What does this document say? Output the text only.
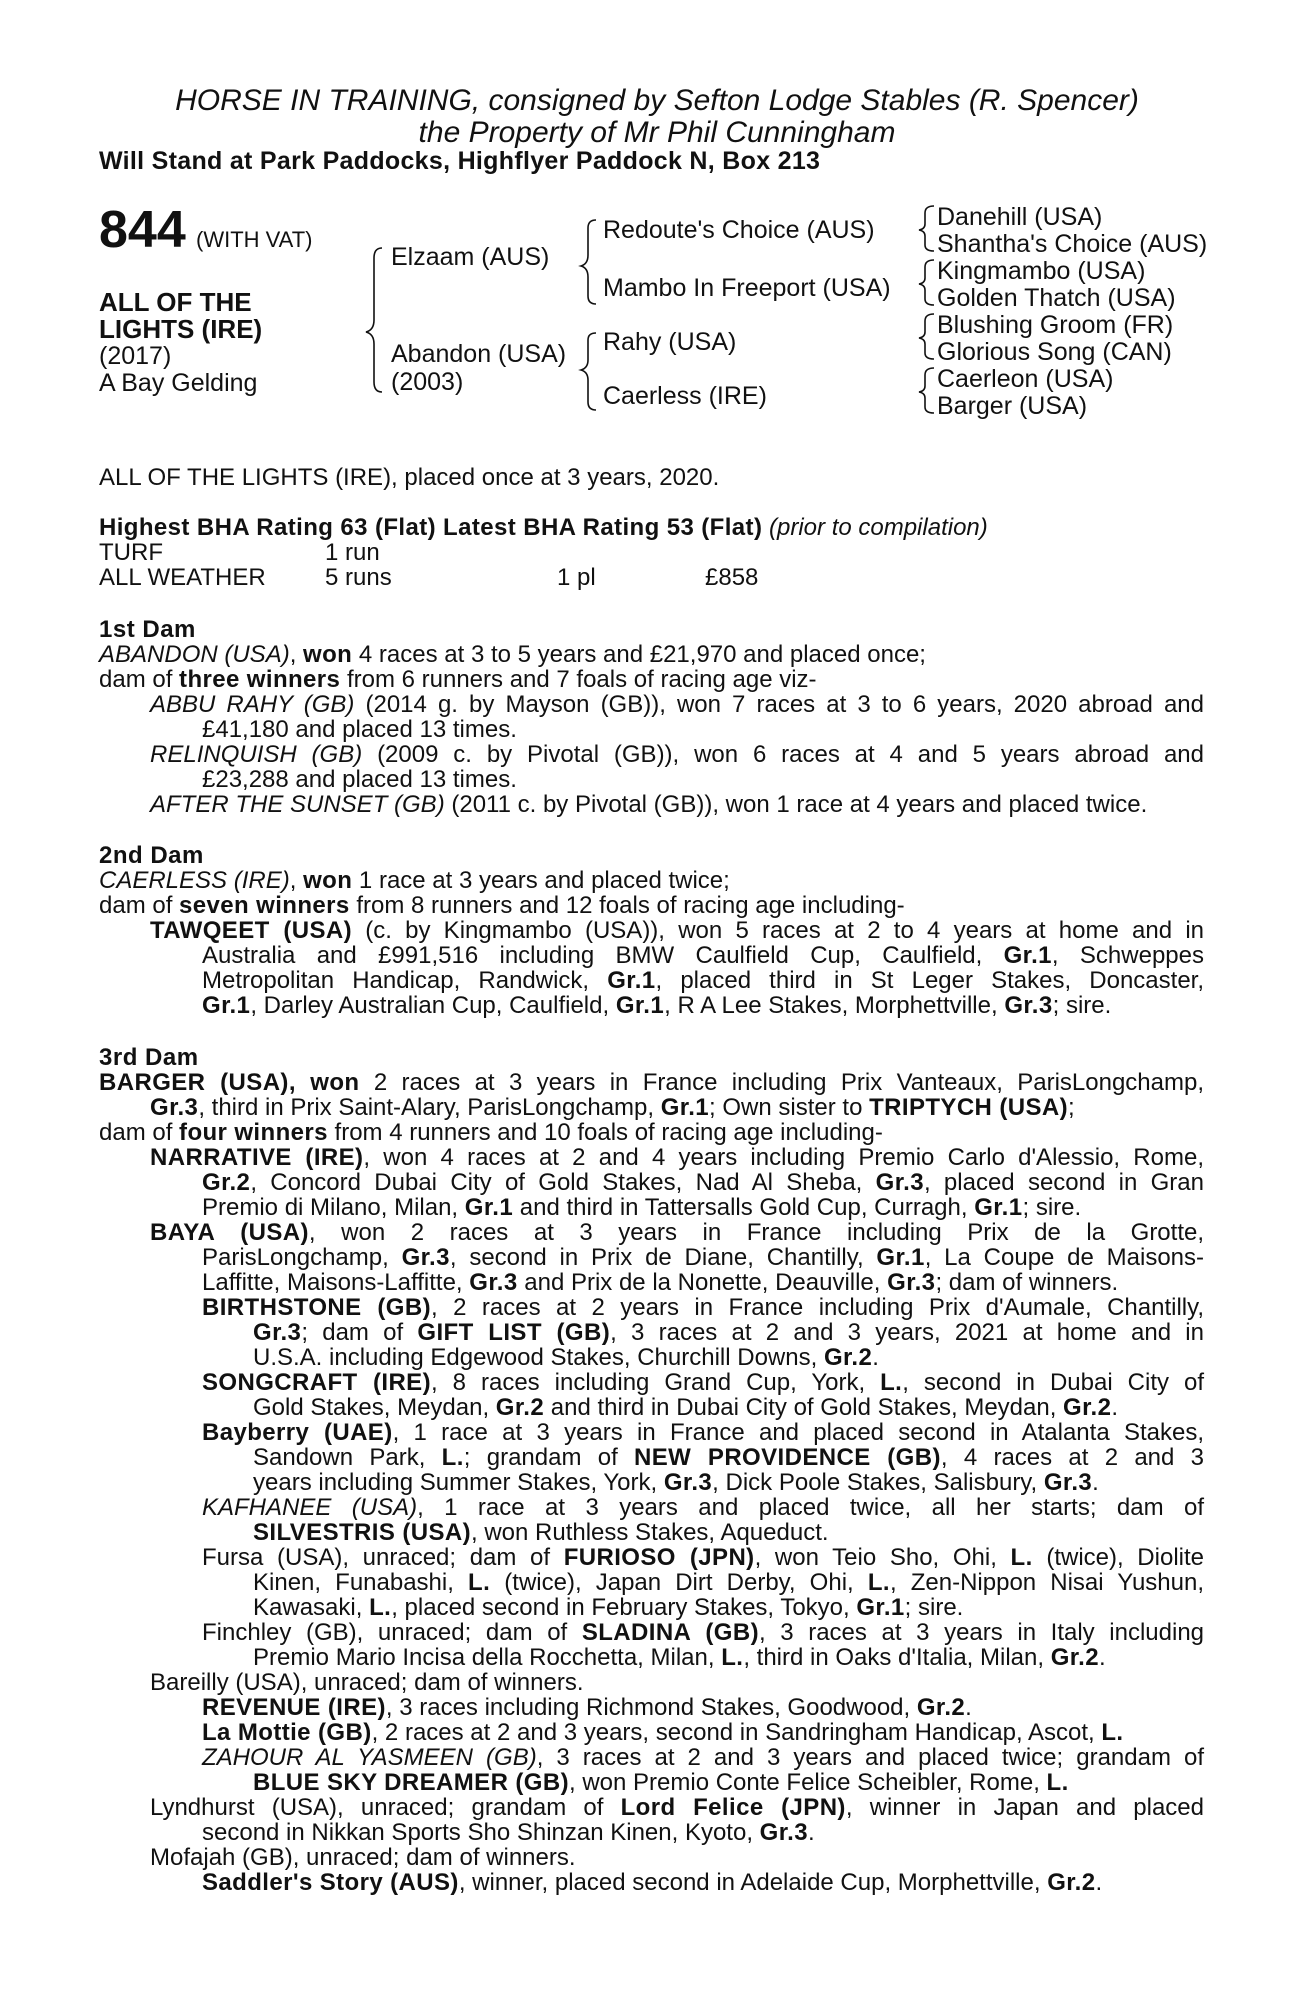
HORSE IN TRAINING, consigned by Sefton Lodge Stables (R. Spencer)
the Property of Mr Phil Cunningham
Will Stand at Park Paddocks, Highflyer Paddock N, Box 213
844 (WITH VAT)
ALL OF THE
LIGHTS (IRE)
(2017)
A Bay Gelding
Elzaam (AUS)
Abandon (USA)
(2003)
Redoute's Choice (AUS)
Mambo In Freeport (USA)
Rahy (USA)
Caerless (IRE)
Danehill (USA)
Shantha's Choice (AUS)
Kingmambo (USA)
Golden Thatch (USA)
Blushing Groom (FR)
Glorious Song (CAN)
Caerleon (USA)
Barger (USA)
ALL OF THE LIGHTS (IRE), placed once at 3 years, 2020.
Highest BHA Rating 63 (Flat) Latest BHA Rating 53 (Flat) (prior to compilation)
TURF	1 run
ALL WEATHER 5 runs	1 pl	£858
1st Dam
ABANDON (USA), won 4 races at 3 to 5 years and £21,970 and placed once;
dam of three winners from 6 runners and 7 foals of racing age viz-
ABBU RAHY (GB) (2014 g. by Mayson (GB)), won 7 races at 3 to 6 years, 2020 abroad and
£41,180 and placed 13 times.
RELINQUISH (GB) (2009 c. by Pivotal (GB)), won 6 races at 4 and 5 years abroad and
£23,288 and placed 13 times.
AFTER THE SUNSET (GB) (2011 c. by Pivotal (GB)), won 1 race at 4 years and placed twice.
2nd Dam
CAERLESS (IRE), won 1 race at 3 years and placed twice;
dam of seven winners from 8 runners and 12 foals of racing age including-
TAWQEET (USA) (c. by Kingmambo (USA)), won 5 races at 2 to 4 years at home and in
Australia and £991,516 including BMW Caulfield Cup, Caulfield, Gr.1, Schweppes
Metropolitan Handicap, Randwick, Gr.1, placed third in St Leger Stakes, Doncaster,
Gr.1, Darley Australian Cup, Caulfield, Gr.1, R A Lee Stakes, Morphettville, Gr.3; sire.
3rd Dam
BARGER (USA), won 2 races at 3 years in France including Prix Vanteaux, ParisLongchamp,
Gr.3, third in Prix Saint-Alary, ParisLongchamp, Gr.1; Own sister to TRIPTYCH (USA);
dam of four winners from 4 runners and 10 foals of racing age including-
NARRATIVE (IRE), won 4 races at 2 and 4 years including Premio Carlo d'Alessio, Rome,
Gr.2, Concord Dubai City of Gold Stakes, Nad Al Sheba, Gr.3, placed second in Gran
Premio di Milano, Milan, Gr.1 and third in Tattersalls Gold Cup, Curragh, Gr.1; sire.
BAYA (USA), won 2 races at 3 years in France including Prix de la Grotte,
ParisLongchamp, Gr.3, second in Prix de Diane, Chantilly, Gr.1, La Coupe de Maisons-
Laffitte, Maisons-Laffitte, Gr.3 and Prix de la Nonette, Deauville, Gr.3; dam of winners.
BIRTHSTONE (GB), 2 races at 2 years in France including Prix d'Aumale, Chantilly,
Gr.3; dam of GIFT LIST (GB), 3 races at 2 and 3 years, 2021 at home and in
U.S.A. including Edgewood Stakes, Churchill Downs, Gr.2.
SONGCRAFT (IRE), 8 races including Grand Cup, York, L., second in Dubai City of
Gold Stakes, Meydan, Gr.2 and third in Dubai City of Gold Stakes, Meydan, Gr.2.
Bayberry (UAE), 1 race at 3 years in France and placed second in Atalanta Stakes,
Sandown Park, L.; grandam of NEW PROVIDENCE (GB), 4 races at 2 and 3
years including Summer Stakes, York, Gr.3, Dick Poole Stakes, Salisbury, Gr.3.
KAFHANEE (USA), 1 race at 3 years and placed twice, all her starts; dam of
SILVESTRIS (USA), won Ruthless Stakes, Aqueduct.
Fursa (USA), unraced; dam of FURIOSO (JPN), won Teio Sho, Ohi, L. (twice), Diolite
Kinen, Funabashi, L. (twice), Japan Dirt Derby, Ohi, L., Zen-Nippon Nisai Yushun,
Kawasaki, L., placed second in February Stakes, Tokyo, Gr.1; sire.
Finchley (GB), unraced; dam of SLADINA (GB), 3 races at 3 years in Italy including
Premio Mario Incisa della Rocchetta, Milan, L., third in Oaks d'Italia, Milan, Gr.2.
Bareilly (USA), unraced; dam of winners.
REVENUE (IRE), 3 races including Richmond Stakes, Goodwood, Gr.2.
La Mottie (GB), 2 races at 2 and 3 years, second in Sandringham Handicap, Ascot, L.
ZAHOUR AL YASMEEN (GB), 3 races at 2 and 3 years and placed twice; grandam of
BLUE SKY DREAMER (GB), won Premio Conte Felice Scheibler, Rome, L.
Lyndhurst (USA), unraced; grandam of Lord Felice (JPN), winner in Japan and placed
second in Nikkan Sports Sho Shinzan Kinen, Kyoto, Gr.3.
Mofajah (GB), unraced; dam of winners.
Saddler's Story (AUS), winner, placed second in Adelaide Cup, Morphettville, Gr.2.
